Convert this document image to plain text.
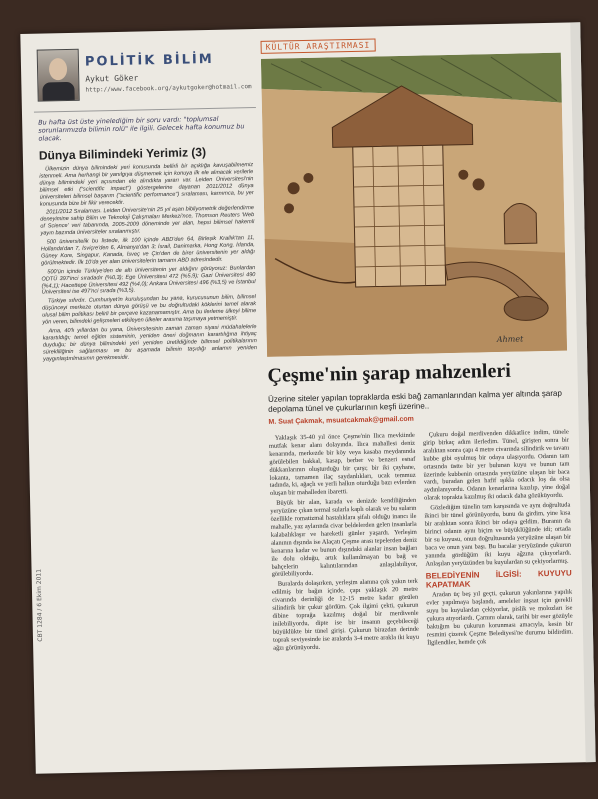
POLİTİK BİLİM
Aykut Göker
http://www.facebook.org/aykutgoker@hotmail.com
Bu hafta üst üste yinelediğim bir soru vardı: "toplumsal sorunlarımızda bilimin rolü" ile ilgili. Gelecek hafta konumuz bu olacak.
Dünya Bilimindeki Yerimiz (3)

Ülkemizin dünya bilimindeki yeri konusunda bellirli bir açıklığa kavuşabilmemiz istenmeli. Ama herhangi bir yanılgıya düşmemek için konuya ilk ele alınacak verilerle dünya bilimindeki yeri açısından ele alındıkta yararı var. Leiden Üniversitesi'nin bilimsel etki ("scientific impact") göstergelerine dayanan 2011/2012 dünya üniversiteleri bilimsel başarım ("scientific performance") sıralaması, karnımca, bu yer konusunda bize bir fikir verecektir.

2011/2012 Sıralaması. Leiden Üniversite'nin 25 yıl aşan bibliyometrik değerlendirme deneyimine sahip Bilim ve Teknoloji Çalışmaları Merkezi'nce, Thomson Reuters 'Web of Science' veri tabanında, 2005-2009 döneminde yer alan, hepsi bilimsel hakemli yayın bazında üniversiteler sıralanmıştır.

500 üniversitelik bu listede, ilk 100 içinde ABD'den 64, Birleşik Krallık'tan 11, Hollanda'dan 7, İsviçre'den 6, Almanya'dan 3; İsrail, Danimarka, Hong Kong, İrlanda, Güney Kore, Singapur, Kanada, İsveç ve Çin'den de birer üniversitenin yer aldığı görülmektedir. İlk 10'da yer alan üniversitelerin tamamı ABD adresindedir.

500'ün içinde Türkiye'den de altı üniversitenin yer aldığını görüyoruz: Bunlardan ODTÜ 397'inci sıradadır (%0,3); Ege Üniversitesi 472 (%5,9); Gazi Üniversitesi 490 (%4,1); Hacettepe Üniversitesi 492 (%4,0); Ankara Üniversitesi 496 (%3,5) ve İstanbul Üniversitesi ise 497'nci sırada (%3,5).

Türkiye sıfırdır. Cumhuriyet'in kuruluşundan bu yana, kurucusunun bilim, bilimsel düşünceyi merkeze oturtan dünya görüşü ve bu doğrultudaki köklerini temel alarak ulusal bilim politikası belirli bir çerçeve kazanamamıştır. Ama bu ilerleme ülkeyi bilime yön veren, bilimdeki gelişmeleri etkileyen ülkeler arasına taşımaya yetmemiştir.

Ama, 40'lı yıllardan bu yana, Üniversitesinin zaman zaman siyasi müdahalelerle karartıldığı; temel eğitim sisteminin, yeniden öneri doğmanın karartılığına ihtiyaç duyduğu; bir dünya bilimindeki yeri yeniden üretildiğinde bilimsel politikalarının sürekliliğinin sağlanması ve bu aşamada bilimin taşıdığı anlamın yeniden yaygınlaştırılmasının gerekmesidir.

CBT 1284 / 6 Ekim 2011
KÜLTÜR ARAŞTIRMASI
Ahmet
Çeşme'nin şarap mahzenleri
Üzerine siteler yapılan topraklarda eski bağ zamanlarından kalma yer altında şarap depolama tünel ve çukurlarının keşfi üzerine..
M. Suat Çakmak, msuatcakmak@gmail.com

Yaklaşık 35-40 yıl önce Çeşme'nin Ilıca mevkiinde mutfak kenar alanı dolayında. Ilıca mahallesi deniz kenarında, merkezde bir köy veya kasaba meydanında görülebilen bakkal, kasap, berber ve benzeri esnaf dükkanlarının oluşturduğu bir çarşı; bir iki çayhane, lokanta, tamamen ilaç saydanlıkları, ucak temmuz tadında, ki, ağaçlı ve yerli halkın oturduğu bazı evlerden oluşan bir mahalleden ibaretti.

Büyük bir alan, karada ve denizde kendiliğinden yeryüzüne çıkan termal sularla kaplı olarak ve bu suların özellikle romatizmal hastalıklara şifalı olduğu inancı ile mahalle, yaz aylarında civar beldelerden gelen insanlarla kalabalıklaşır ve hareketli günler yaşardı. Yerleşim alanının dışında ise Alaçatı Çeşme arası tepelerden deniz kenarına kadar ve bunun dışındaki alanlar insan bağları ile dolu olduğu, artık kullanılmayan bu bağ ve bahçelerin kalıntılarından anlaşılabiliyor, görülebiliyordu.

Buralarda dolaşırken, yerleşim alanına çok yakın terk edilmiş bir bağın içinde, çapı yaklaşık 20 metre civarında derinliği de 12-15 metre kadar görülen silindirik bir çukur gördüm. Çok ilgimi çekti, çukurun dibine toprağa kazılmış doğal bir merdivenle inilebiliyordu, dipte ise bir insanın geçebileceği büyüklükte bir tünel girişi. Çukurun birazdan derinde toprak seviyesinde ise aralarda 3-4 metre arakla iki kuyu ağzı görünüyordu.

Çukuru doğal merdivenden dikkatlice indim, tünele girip birkaç adım ilerledim. Tünel, girişten sonra bir aralıktan sonra çapı 4 metre civarında silindirik ve tavanı kubbe gibi oyulmuş bir odaya ulaşıyordu. Odanın tam ortasında üstte bir yer bulunan kuyu ve bunun tam üzerinde kubbenin ortasında yeryüzüne ulaşan bir baca vardı, buradan gelen hafif ışıkla odacık loş da olsa aydınlanıyordu. Odanın kenarlarına kazılıp, yine doğal olarak toprakta kazılmış iki odacık daha gözüküyordu.

Gözlediğim tünelin tam karşısında ve aynı doğrultuda ikinci bir tünel görünüyordu, bunu da girdim, yine kısa bir aralıktan sonra ikinci bir odaya geldim. Buranın da birinci odanın aynı biçim ve büyüklüğünde idi; ortada bir su kuyusu, onun doğrultusunda yeryüzüne ulaşan bir baca ve onun yanı başı. Bu bacalar yeryüzünde çukurun yanında gördüğüm iki kuyu ağzına çıkıyorlardı. Anlaşılan yeryüzünden bu kuyulardan su çekiyorlarmış.

BELEDİYENİN İLGİSİ: KUYUYU KAPATMAK

Aradan üç beş yıl geçti, çukurun yakınlarına yapılık evler yapılmaya başlandı, ameleler inşaat için gerekli suyu bu kuyulardan çekiyorlar, pislik ve molozları ise çukura atıyorlardı. Çarnını olarak, tarihi bir eser gözüyle baktığım bu çukurun korunması amacıyla, kesin bir resmini çizerek Çeşme Belediyesi'ne durumu bildirdim. İlgilendiler, hemde çok
